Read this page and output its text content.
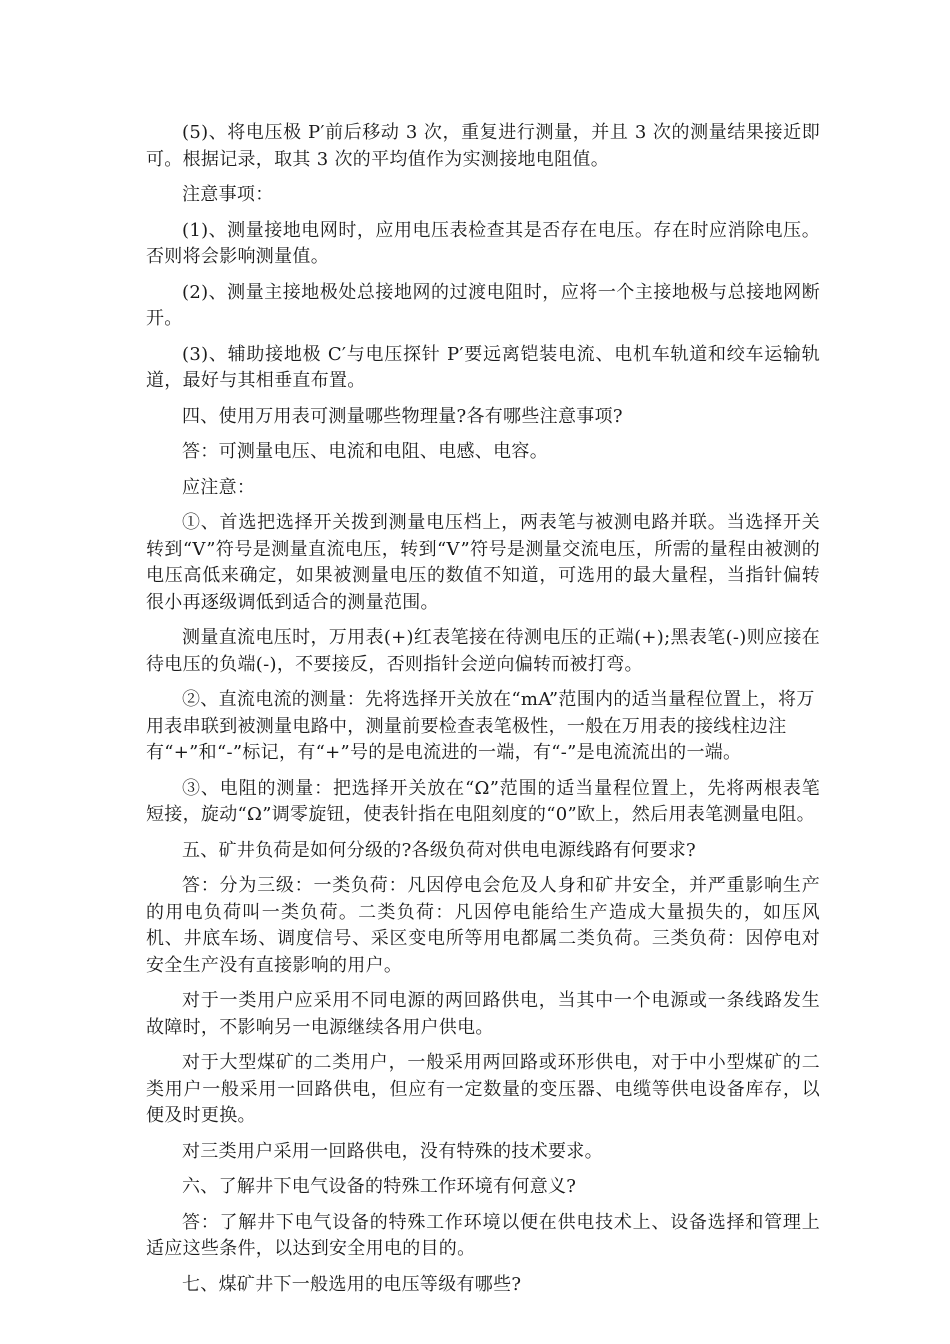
(5)、将电压极 P′前后移动 3 次，重复进行测量，并且 3 次的测量结果接近即可。根据记录，取其 3 次的平均值作为实测接地电阻值。

注意事项：

(1)、测量接地电网时，应用电压表检查其是否存在电压。存在时应消除电压。否则将会影响测量值。

(2)、测量主接地极处总接地网的过渡电阻时，应将一个主接地极与总接地网断开。

(3)、辅助接地极 C′与电压探针 P′要远离铠装电流、电机车轨道和绞车运输轨道，最好与其相垂直布置。

四、使用万用表可测量哪些物理量?各有哪些注意事项?

答：可测量电压、电流和电阻、电感、电容。

应注意：

①、首选把选择开关拨到测量电压档上，两表笔与被测电路并联。当选择开关转到“V”符号是测量直流电压，转到“V”符号是测量交流电压，所需的量程由被测的电压高低来确定，如果被测量电压的数值不知道，可选用的最大量程，当指针偏转很小再逐级调低到适合的测量范围。

测量直流电压时，万用表(+)红表笔接在待测电压的正端(+);黑表笔(-)则应接在待电压的负端(-)，不要接反，否则指针会逆向偏转而被打弯。

②、直流电流的测量：先将选择开关放在“mA”范围内的适当量程位置上，将万用表串联到被测量电路中，测量前要检查表笔极性，一般在万用表的接线柱边注有“+”和“-”标记，有“+”号的是电流进的一端，有“-”是电流流出的一端。

③、电阻的测量：把选择开关放在“Ω”范围的适当量程位置上，先将两根表笔短接，旋动“Ω”调零旋钮，使表针指在电阻刻度的“0”欧上，然后用表笔测量电阻。

五、矿井负荷是如何分级的?各级负荷对供电电源线路有何要求?

答：分为三级：一类负荷：凡因停电会危及人身和矿井安全，并严重影响生产的用电负荷叫一类负荷。二类负荷：凡因停电能给生产造成大量损失的，如压风机、井底车场、调度信号、采区变电所等用电都属二类负荷。三类负荷：因停电对安全生产没有直接影响的用户。

对于一类用户应采用不同电源的两回路供电，当其中一个电源或一条线路发生故障时，不影响另一电源继续各用户供电。

对于大型煤矿的二类用户，一般采用两回路或环形供电，对于中小型煤矿的二类用户一般采用一回路供电，但应有一定数量的变压器、电缆等供电设备库存，以便及时更换。

对三类用户采用一回路供电，没有特殊的技术要求。

六、了解井下电气设备的特殊工作环境有何意义?

答：了解井下电气设备的特殊工作环境以便在供电技术上、设备选择和管理上适应这些条件，以达到安全用电的目的。

七、煤矿井下一般选用的电压等级有哪些?
